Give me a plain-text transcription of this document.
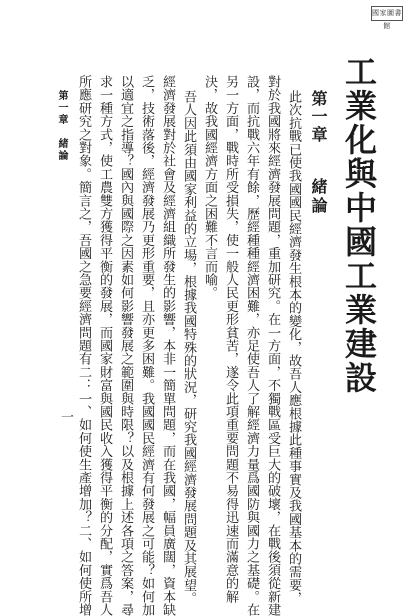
國家圖書館
工業化與中國工業建設
第一章
緒論
此次抗戰已使我國國民經濟發生根本的變化，故吾人應根據此種事實及我國基本的需要，
對於我國將來經濟發展問題，重加研究。在一方面，不獨戰區受巨大的破壞，在戰後須從新建
設，而抗戰六年有餘，歷經種種經濟困難，亦足使吾人了解經濟力量爲國防與國力之基礎。在
另一方面，戰時所受損失，使一般人民更形貧苦，遂令此項重要問題不易得迅速而滿意的解
決，故我國經濟方面之困難不言而喻。
吾人因此須由國家利益的立場，根據我國特殊的狀況，研究我國經濟發展問題及其展望。
經濟發展對於社會及經濟組織所發生的影響，本非一簡單問題，而在我國，幅員廣闊，資本缺
乏，技術落後，經濟發展乃更形重要，且亦更多困難。我國國民經濟有何發展之可能？如何加
以適宜之指導？國內與國際之因素如何影響發展之範圍與時限？以及根據上述各項之答案，尋
求一種方式，使工農雙方獲得平衡的發展，而國家財富與國民收入獲得平衡的分配，實爲吾人
所應研究之對象。簡言之，吾國之急要經濟問題有二：一、如何使生產增加？二、如何使所增
第一章　緒論
一
